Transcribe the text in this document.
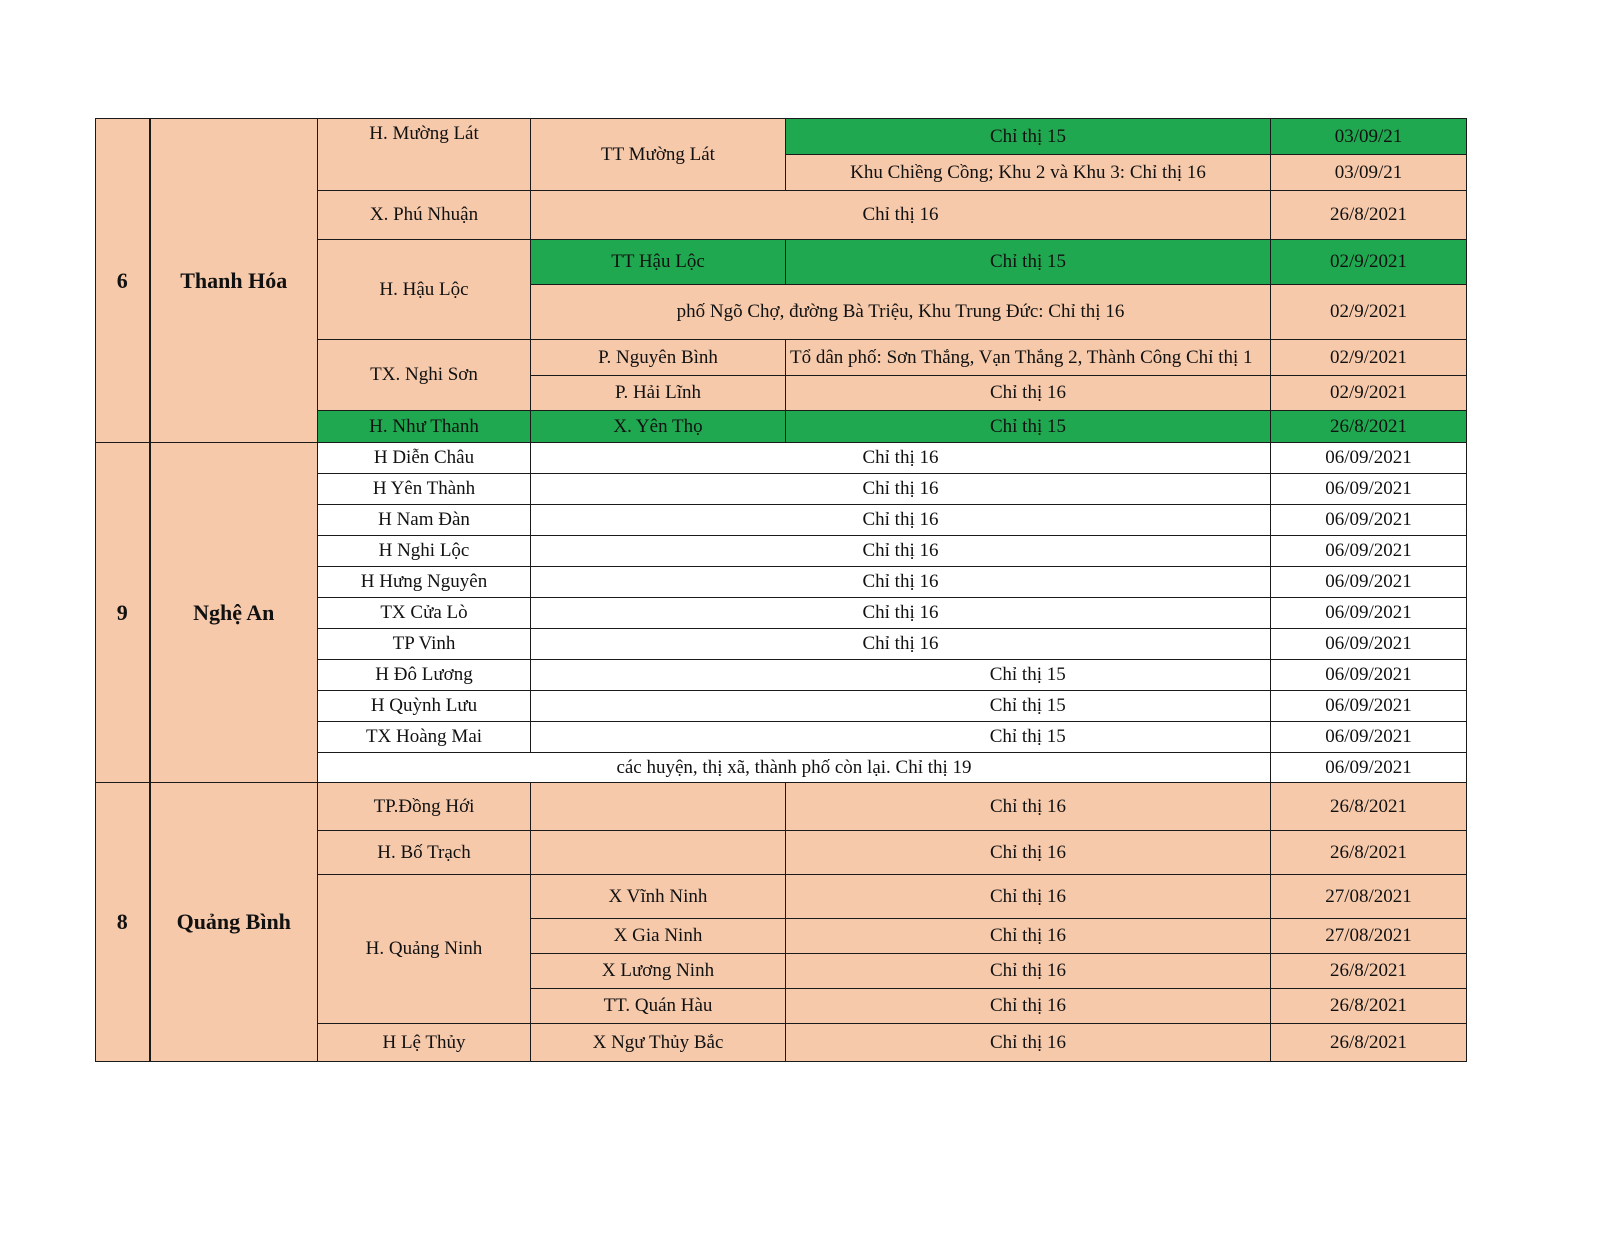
6	Thanh Hóa	H. Mường Lát	TT Mường Lát	Chỉ thị 15	03/09/21
				Khu Chiềng Cồng; Khu 2 và Khu 3: Chỉ thị 16	03/09/21
		X. Phú Nhuận	Chỉ thị 16		26/8/2021
		H. Hậu Lộc	TT Hậu Lộc	Chỉ thị 15	02/9/2021
			phố Ngõ Chợ, đường Bà Triệu, Khu Trung Đức: Chỉ thị 16		02/9/2021
		TX. Nghi Sơn	P. Nguyên Bình	Tổ dân phố: Sơn Thắng, Vạn Thắng 2, Thành Công Chỉ thị 1	02/9/2021
			P. Hải Lĩnh	Chỉ thị 16	02/9/2021
		H. Như Thanh	X. Yên Thọ	Chỉ thị 15	26/8/2021
9	Nghệ An	H Diễn Châu	Chỉ thị 16		06/09/2021
		H Yên Thành	Chỉ thị 16		06/09/2021
		H Nam Đàn	Chỉ thị 16		06/09/2021
		H Nghi Lộc	Chỉ thị 16		06/09/2021
		H Hưng Nguyên	Chỉ thị 16		06/09/2021
		TX Cửa Lò	Chỉ thị 16		06/09/2021
		TP Vinh	Chỉ thị 16		06/09/2021
		H Đô Lương		Chỉ thị 15	06/09/2021
		H Quỳnh Lưu		Chỉ thị 15	06/09/2021
		TX Hoàng Mai		Chỉ thị 15	06/09/2021
		các huyện, thị xã, thành phố còn lại. Chỉ thị 19			06/09/2021
8	Quảng Bình	TP.Đồng Hới		Chỉ thị 16	26/8/2021
		H. Bố Trạch		Chỉ thị 16	26/8/2021
		H. Quảng Ninh	X Vĩnh Ninh	Chỉ thị 16	27/08/2021
			X Gia Ninh	Chỉ thị 16	27/08/2021
			X Lương Ninh	Chỉ thị 16	26/8/2021
			TT. Quán Hàu	Chỉ thị 16	26/8/2021
		H Lệ Thủy	X Ngư Thủy Bắc	Chỉ thị 16	26/8/2021
